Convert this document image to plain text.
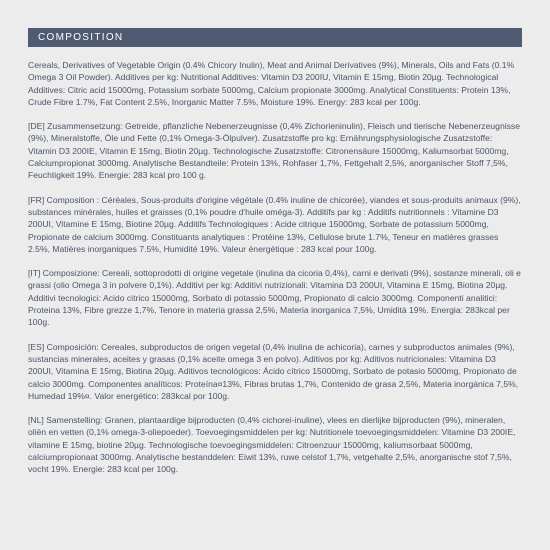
COMPOSITION

Cereals, Derivatives of Vegetable Origin (0.4% Chicory Inulin), Meat and Animal Derivatives (9%), Minerals, Oils and Fats (0.1% Omega 3 Oil Powder). Additives per kg: Nutritional Additives: Vitamin D3 200IU, Vitamin E 15mg, Biotin 20µg. Technological Additives: Citric acid 15000mg, Potassium sorbate 5000mg, Calcium propionate 3000mg. Analytical Constituents: Protein 13%, Crude Fibre 1.7%, Fat Content 2.5%, Inorganic Matter 7.5%, Moisture 19%. Energy: 283 kcal per 100g.

[DE] Zusammensetzung: Getreide, pflanzliche Nebenerzeugnisse (0,4% Zichorieninulin), Fleisch und tierische Nebenerzeugnisse (9%), Mineralstoffe, Öle und Fette (0,1% Omega-3-Ölpulver). Zusatzstoffe pro kg: Ernährungsphysiologische Zusatzstoffe: Vitamin D3 200IE, Vitamin E 15mg, Biotin 20µg. Technologische Zusatzstoffe: Citronensäure 15000mg, Kaliumsorbat 5000mg, Calciumpropionat 3000mg. Analytische Bestandteile: Protein 13%, Rohfaser 1,7%, Fettgehalt 2,5%, anorganischer Stoff 7,5%, Feuchtigkeit 19%. Energie: 283 kcal pro 100 g.

[FR] Composition : Céréales, Sous-produits d'origine végétale (0.4% inuline de chicorée), viandes et sous-produits animaux (9%), substances minérales, huiles et graisses (0,1% poudre d'huile oméga-3). Additifs par kg : Additifs nutritionnels : Vitamine D3 200UI, Vitamine E 15mg, Biotine 20µg. Additifs Technologiques : Acide citrique 15000mg, Sorbate de potassium 5000mg, Propionate de calcium 3000mg. Constituants analytiques : Protéine 13%, Cellulose brute 1.7%, Teneur en matières grasses 2.5%, Matières inorganiques 7.5%, Humidité 19%. Valeur énergétique : 283 kcal pour 100g.

[IT] Composizione: Cereali, sottoprodotti di origine vegetale (inulina da cicoria 0,4%), carni e derivati (9%), sostanze minerali, oli e grassi (olio Omega 3 in polvere 0,1%). Additivi per kg: Additivi nutrizionali: Vitamina D3 200UI, Vitamina E 15mg, Biotina 20µg. Additivi tecnologici: Acido citrico 15000mg, Sorbato di potassio 5000mg, Propionato di calcio 3000mg. Componenti analitici: Proteina 13%, Fibre grezze 1,7%, Tenore in materia grassa 2,5%, Materia inorganica 7,5%, Umidità 19%. Energia: 283kcal per 100g.

[ES] Composición: Cereales, subproductos de origen vegetal (0,4% inulina de achicoria), carnes y subproductos animales (9%), sustancias minerales, aceites y grasas (0,1% aceite omega 3 en polvo). Aditivos por kg: Aditivos nutricionales: Vitamina D3 200UI, Vitamina E 15mg, Biotina 20µg. Aditivos tecnológicos: Ácido cítrico 15000mg, Sorbato de potasio 5000mg, Propionato de calcio 3000mg. Componentes analíticos: Proteína¤13%, Fibras brutas 1,7%, Contenido de grasa 2,5%, Materia inorgánica 7,5%, Humedad 19%¤. Valor energético: 283kcal por 100g.

[NL] Samenstelling: Granen, plantaardige bijproducten (0,4% cichorei-inuline), vlees en dierlijke bijproducten (9%), mineralen, oliën en vetten (0,1% omega-3-oliepoeder). Toevoegingsmiddelen per kg: Nutritionele toevoegingsmiddelen: Vitamine D3 200IE, vitamine E 15mg, biotine 20µg. Technologische toevoegingsmiddelen: Citroenzuur 15000mg, kaliumsorbaat 5000mg, calciumpropionaat 3000mg. Analytische bestanddelen: Eiwit 13%, ruwe celstof 1,7%, vetgehalte 2,5%, anorganische stof 7,5%, vocht 19%. Energie: 283 kcal per 100g.
